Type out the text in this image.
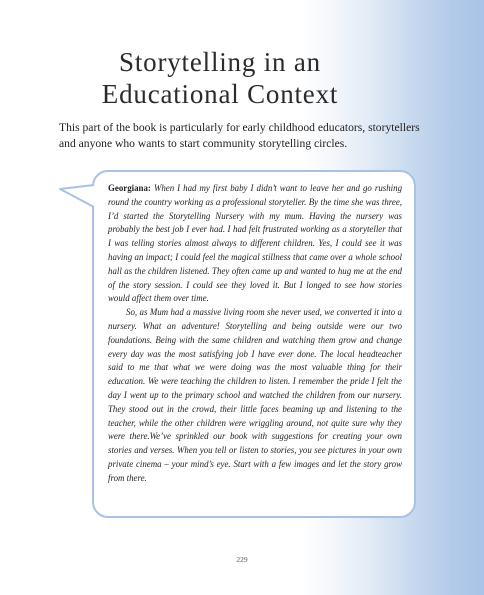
Storytelling in an
Educational Context

This part of the book is particularly for early childhood educators, storytellers and anyone who wants to start community storytelling circles.

Georgiana: When I had my first baby I didn’t want to leave her and go rushing round the country working as a professional storyteller. By the time she was three, I’d started the Storytelling Nursery with my mum. Having the nursery was probably the best job I ever had. I had felt frustrated working as a storyteller that I was telling stories almost always to different children. Yes, I could see it was having an impact; I could feel the magical stillness that came over a whole school hall as the children listened. They often came up and wanted to hug me at the end of the story session. I could see they loved it. But I longed to see how stories would affect them over time.

So, as Mum had a massive living room she never used, we converted it into a nursery. What an adventure! Storytelling and being outside were our two foundations. Being with the same children and watching them grow and change every day was the most satisfying job I have ever done. The local headteacher said to me that what we were doing was the most valuable thing for their education. We were teaching the children to listen. I remember the pride I felt the day I went up to the primary school and watched the children from our nursery. They stood out in the crowd, their little faces beaming up and listening to the teacher, while the other children were wriggling around, not quite sure why they were there.We’ve sprinkled our book with suggestions for creating your own stories and verses. When you tell or listen to stories, you see pictures in your own private cinema – your mind’s eye. Start with a few images and let the story grow from there.

229
